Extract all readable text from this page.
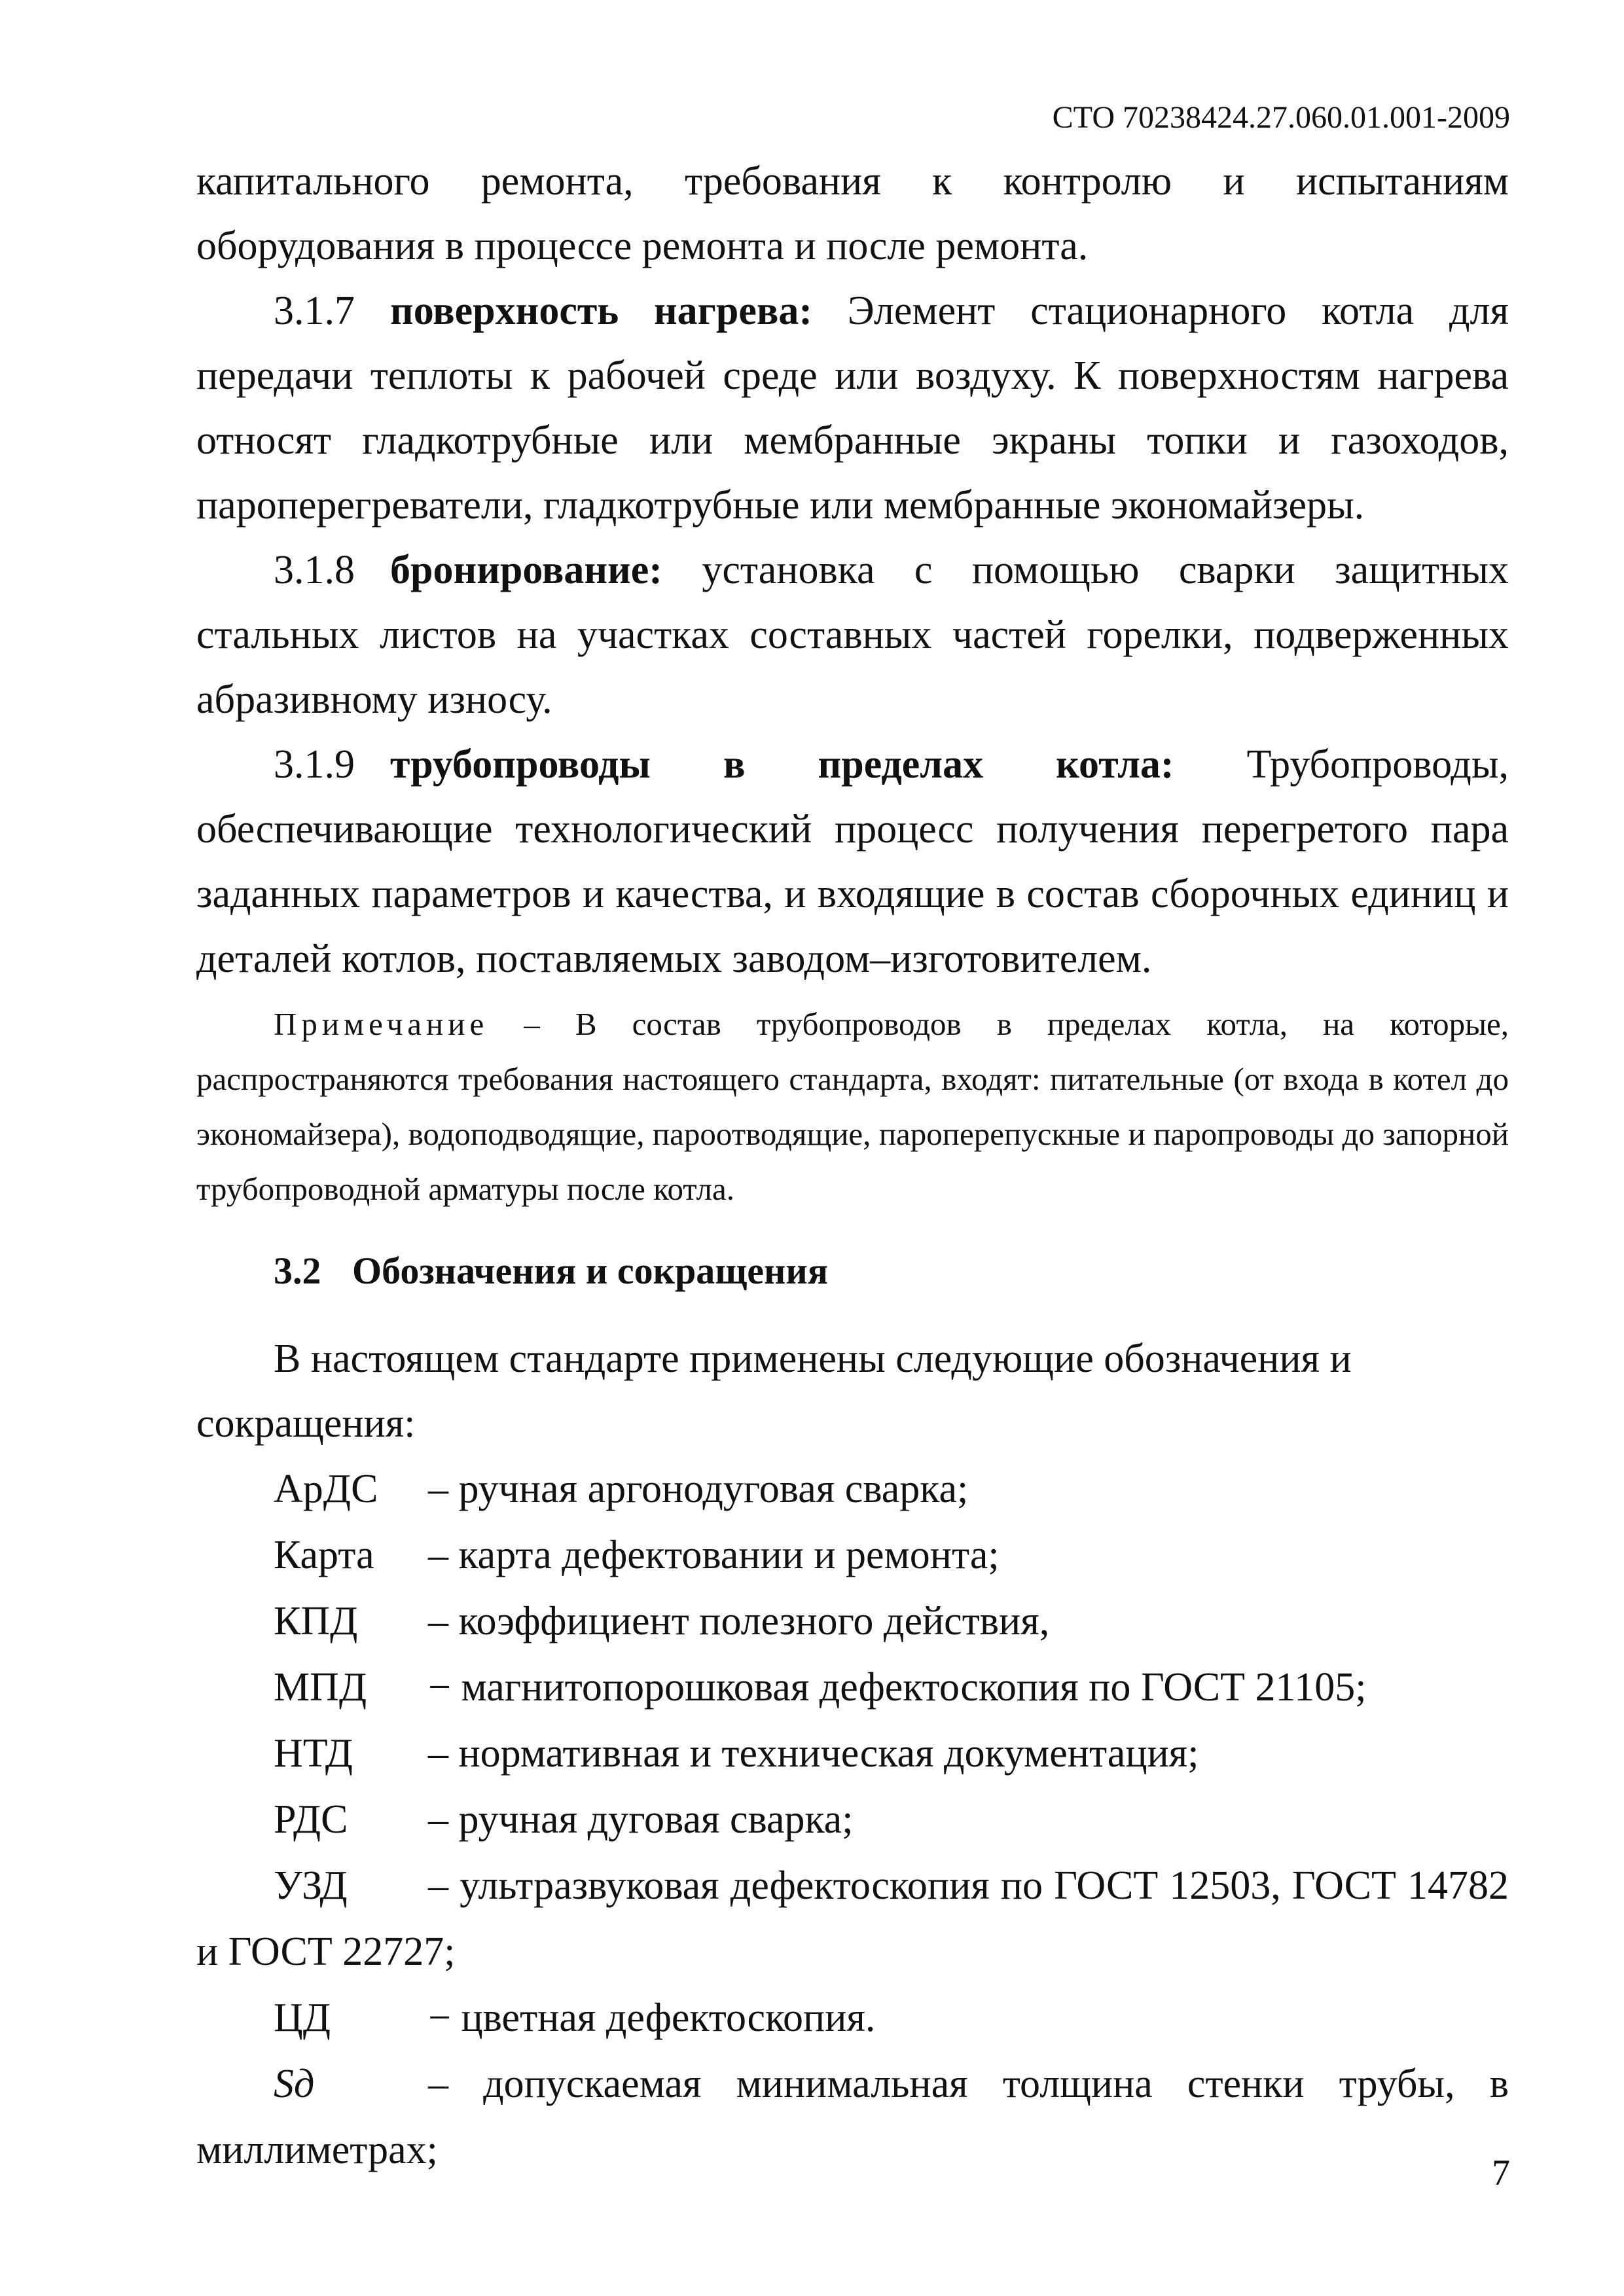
СТО 70238424.27.060.01.001-2009

капитального ремонта, требования к контролю и испытаниям оборудования в процессе ремонта и после ремонта.

3.1.7 поверхность нагрева: Элемент стационарного котла для передачи теплоты к рабочей среде или воздуху. К поверхностям нагрева относят гладкотрубные или мембранные экраны топки и газоходов, пароперегреватели, гладкотрубные или мембранные экономайзеры.

3.1.8 бронирование: установка с помощью сварки защитных стальных листов на участках составных частей горелки, подверженных абразивному износу.

3.1.9 трубопроводы в пределах котла: Трубопроводы, обеспечивающие технологический процесс получения перегретого пара заданных параметров и качества, и входящие в состав сборочных единиц и деталей котлов, поставляемых заводом–изготовителем.

Примечание – В состав трубопроводов в пределах котла, на которые, распространяются требования настоящего стандарта, входят: питательные (от входа в котел до экономайзера), водоподводящие, пароотводящие, пароперепускные и паропроводы до запорной трубопроводной арматуры после котла.

3.2 Обозначения и сокращения

В настоящем стандарте применены следующие обозначения и сокращения:

АрДС – ручная аргонодуговая сварка;

Карта – карта дефектовании и ремонта;

КПД – коэффициент полезного действия,

МПД − магнитопорошковая дефектоскопия по ГОСТ 21105;

НТД – нормативная и техническая документация;

РДС – ручная дуговая сварка;

УЗД – ультразвуковая дефектоскопия по ГОСТ 12503, ГОСТ 14782 и ГОСТ 22727;

ЦД − цветная дефектоскопия.

Sд	– допускаемая минимальная толщина стенки трубы, в миллиметрах;

7
